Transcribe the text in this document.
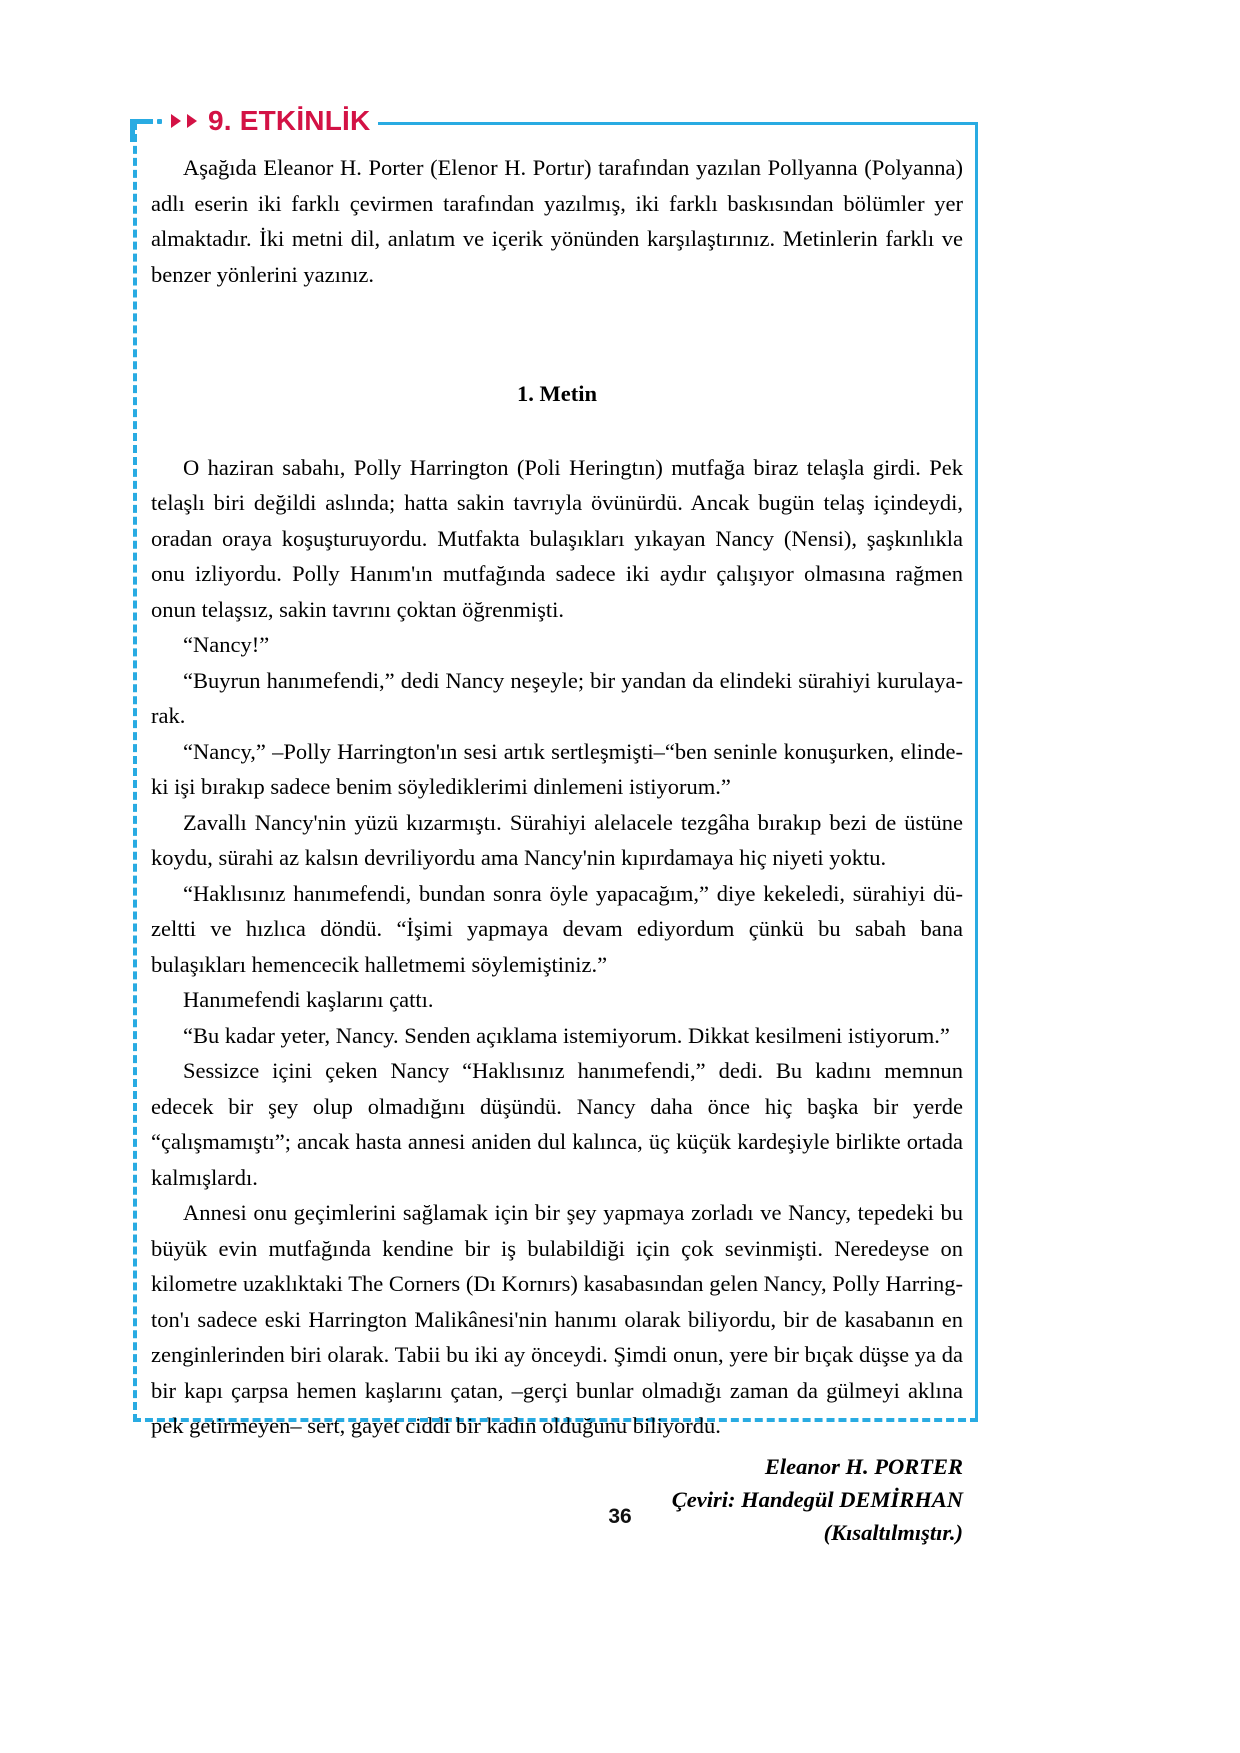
9. ETKİNLİK

Aşağıda Eleanor H. Porter (Elenor H. Portır) tarafından yazılan Pollyanna (Polyanna) adlı eserin iki farklı çevirmen tarafından yazılmış, iki farklı baskısından bölümler yer almaktadır. İki metni dil, anlatım ve içerik yönünden karşılaştırınız. Metinlerin farklı ve benzer yönlerini yazınız.

1. Metin

O haziran sabahı, Polly Harrington (Poli Heringtın) mutfağa biraz telaşla girdi. Pek telaşlı biri değildi aslında; hatta sakin tavrıyla övünürdü. Ancak bugün telaş içindeydi, oradan oraya koşuşturuyordu. Mutfakta bulaşıkları yıkayan Nancy (Nensi), şaşkınlıkla onu izliyordu. Polly Hanım'ın mutfağında sadece iki aydır çalışıyor olmasına rağmen onun telaşsız, sakin tavrını çoktan öğrenmişti.

“Nancy!”

“Buyrun hanımefendi,” dedi Nancy neşeyle; bir yandan da elindeki sürahiyi kurulaya-rak.

“Nancy,” –Polly Harrington'ın sesi artık sertleşmişti–“ben seninle konuşurken, elinde-ki işi bırakıp sadece benim söylediklerimi dinlemeni istiyorum.”

Zavallı Nancy'nin yüzü kızarmıştı. Sürahiyi alelacele tezgâha bırakıp bezi de üstüne koydu, sürahi az kalsın devriliyordu ama Nancy'nin kıpırdamaya hiç niyeti yoktu.

“Haklısınız hanımefendi, bundan sonra öyle yapacağım,” diye kekeledi, sürahiyi dü-zeltti ve hızlıca döndü. “İşimi yapmaya devam ediyordum çünkü bu sabah bana bulaşıkları hemencecik halletmemi söylemiştiniz.”

Hanımefendi kaşlarını çattı.

“Bu kadar yeter, Nancy. Senden açıklama istemiyorum. Dikkat kesilmeni istiyorum.”

Sessizce içini çeken Nancy “Haklısınız hanımefendi,” dedi. Bu kadını memnun edecek bir şey olup olmadığını düşündü. Nancy daha önce hiç başka bir yerde “çalışmamıştı”; ancak hasta annesi aniden dul kalınca, üç küçük kardeşiyle birlikte ortada kalmışlardı.

Annesi onu geçimlerini sağlamak için bir şey yapmaya zorladı ve Nancy, tepedeki bu büyük evin mutfağında kendine bir iş bulabildiği için çok sevinmişti. Neredeyse on kilometre uzaklıktaki The Corners (Dı Kornırs) kasabasından gelen Nancy, Polly Harring-ton'ı sadece eski Harrington Malikânesi'nin hanımı olarak biliyordu, bir de kasabanın en zenginlerinden biri olarak. Tabii bu iki ay önceydi. Şimdi onun, yere bir bıçak düşse ya da bir kapı çarpsa hemen kaşlarını çatan, –gerçi bunlar olmadığı zaman da gülmeyi aklına pek getirmeyen– sert, gayet ciddi bir kadın olduğunu biliyordu.

Eleanor H. PORTER
Çeviri: Handegül DEMİRHAN
(Kısaltılmıştır.)
36
